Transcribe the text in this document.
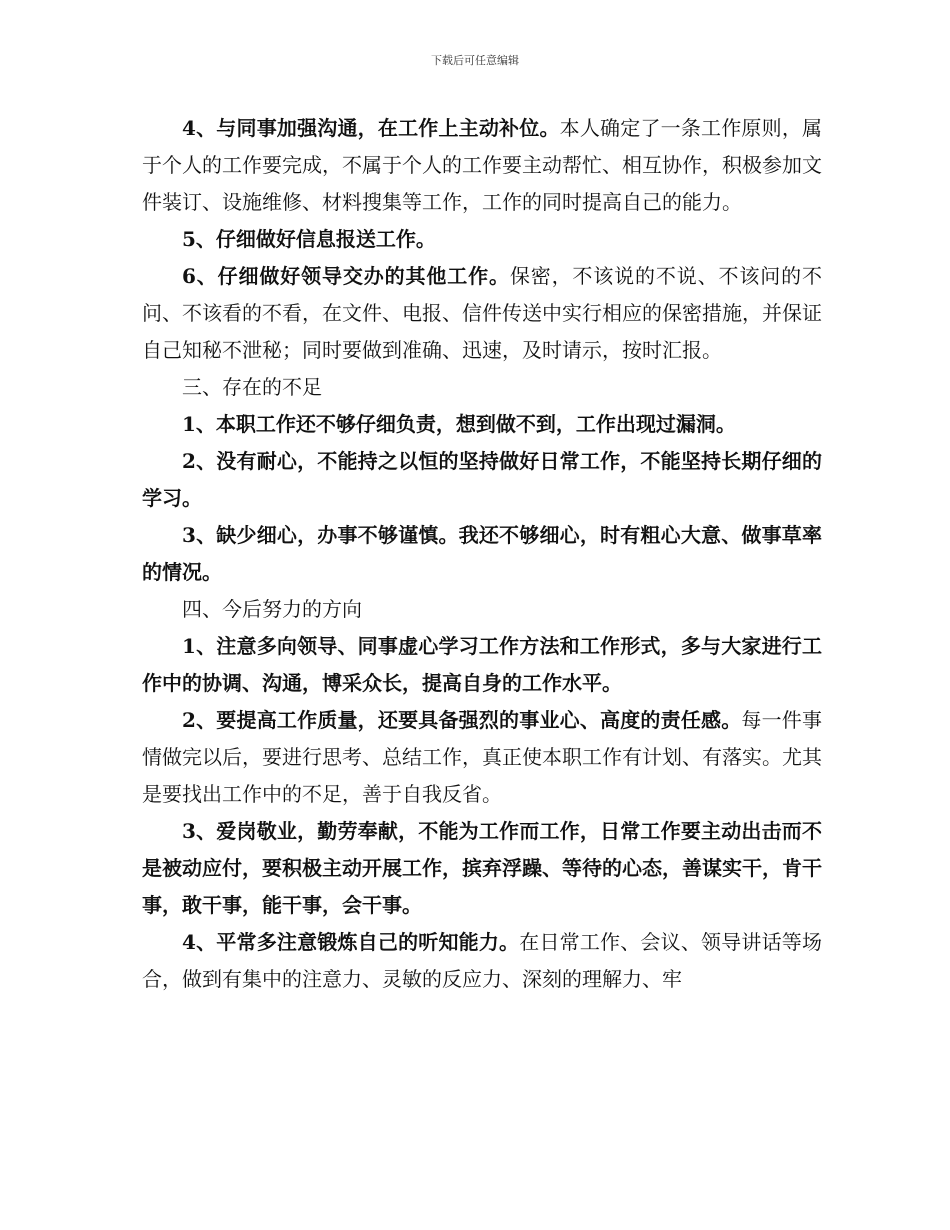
下载后可任意编辑

4、与同事加强沟通，在工作上主动补位。本人确定了一条工作原则，属于个人的工作要完成，不属于个人的工作要主动帮忙、相互协作，积极参加文件装订、设施维修、材料搜集等工作，工作的同时提高自己的能力。

5、仔细做好信息报送工作。

6、仔细做好领导交办的其他工作。保密，不该说的不说、不该问的不问、不该看的不看，在文件、电报、信件传送中实行相应的保密措施，并保证自己知秘不泄秘；同时要做到准确、迅速，及时请示，按时汇报。

三、存在的不足

1、本职工作还不够仔细负责，想到做不到，工作出现过漏洞。

2、没有耐心，不能持之以恒的坚持做好日常工作，不能坚持长期仔细的学习。

3、缺少细心，办事不够谨慎。我还不够细心，时有粗心大意、做事草率的情况。

四、今后努力的方向

1、注意多向领导、同事虚心学习工作方法和工作形式，多与大家进行工作中的协调、沟通，博采众长，提高自身的工作水平。

2、要提高工作质量，还要具备强烈的事业心、高度的责任感。每一件事情做完以后，要进行思考、总结工作，真正使本职工作有计划、有落实。尤其是要找出工作中的不足，善于自我反省。

3、爱岗敬业，勤劳奉献，不能为工作而工作，日常工作要主动出击而不是被动应付，要积极主动开展工作，摈弃浮躁、等待的心态，善谋实干，肯干事，敢干事，能干事，会干事。

4、平常多注意锻炼自己的听知能力。在日常工作、会议、领导讲话等场合，做到有集中的注意力、灵敏的反应力、深刻的理解力、牢
